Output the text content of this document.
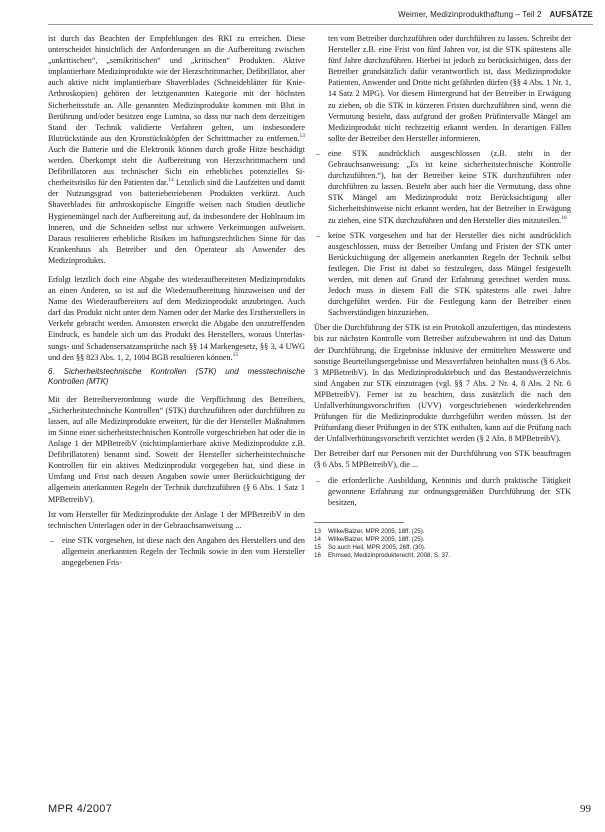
Weimer, Medizinprodukthaftung – Teil 2 AUFSÄTZE

ist durch das Beachten der Empfehlungen des RKI zu erreichen. Diese unterscheidet hinsichtlich der Anforderungen an die Aufbereitung zwischen „unkritischen“, „semikritischen“ und „kritischen“ Produkten. Aktive implantierbare Medizinprodukte wie der Herzschrittmacher, Defibrillator, aber auch aktive nicht implantierbare Shaverblades (Schneideblätter für Knie-Arthroskopien) gehören der letztgenannten Kategorie mit der höchsten Sicherheitsstufe an. Alle genannten Medizinprodukte kommen mit Blut in Berührung und/oder besitzen enge Lumina, so dass nur nach dem derzeitigen Stand der Technik validierte Verfahren gelten, um insbesondere Blutrückstände aus den Kronstücksköpfen der Schrittmacher zu entfernen.$^{13}$ Auch die Batterie und die Elektronik können durch große Hitze beschädigt werden. Überkompt steht die Aufbereitung von Herzschrittmachern und Defibrillatoren aus technischer Sicht ein erhebliches potenzielles Sicherheitsrisiko für den Patienten dar.$^{14}$ Letztlich sind die Laufzeiten und damit der Nutzungsgrad von batteriebetriebenen Produkten verkürzt. Auch Shaverblades für arthroskopische Eingriffe weisen nach Studien deutliche Hygienemängel nach der Aufbereitung auf, da insbesondere der Hohlraum im Inneren, und die Schneiden selbst nur schwere Verkeimungen aufweisen. Daraus resultieren erhebliche Risiken im haftungsrechtlichen Sinne für das Krankenhaus als Betreiber und den Operateur als Anwender des Medizinprodukts.

Erfolgt letztlich doch eine Abgabe des wiederaufbereiteten Medizinprodukts an einen Anderen, so ist auf die Wiederaufbereitung hinzuweisen und der Name des Wiederaufbereiters auf dem Medizinprodukt anzubringen. Auch darf das Produkt nicht unter dem Namen oder der Marke des Erstherstellers in Verkehr gebracht werden. Ansonsten erweckt die Abgabe den unzutreffenden Eindruck, es handele sich um das Produkt des Herstellers, woraus Unterlassungs- und Schadensersatzansprüche nach §§ 14 Markengesetz, §§ 3, 4 UWG und den §§ 823 Abs. 1, 2, 1004 BGB resultieren können.$^{15}$

6. Sicherheitstechnische Kontrollen (STK) und messtechnische Kontrollen (MTK)

Mit der Betreiberverordnung wurde die Verpflichtung des Betreibers, „Sicherheitstechnische Kontrollen“ (STK) durchzuführen oder durchführen zu lassen, auf alle Medizinprodukte erweitert, für die der Hersteller Maßnahmen im Sinne einer sicherheitstechnischen Kontrolle vorgeschrieben hat oder die in Anlage 1 der MPBetreibV (nichtimplantierbare aktive Medizinprodukte z.B. Defibrillatoren) benannt sind. Soweit der Hersteller sicherheitstechnische Kontrollen für ein aktives Medizinprodukt vorgegeben hat, sind diese in Umfang und Frist nach dessen Angaben sowie unter Berücksichtigung der allgemein anerkannten Regeln der Technik durchzuführen (§ 6 Abs. 1 Satz 1 MPBetreibV).

Ist vom Hersteller für Medizinprodukte der Anlage 1 der MPBetreibV in den technischen Unterlagen oder in der Gebrauchsanweisung ...

– eine STK vorgesehen, ist diese nach den Angaben des Herstellers und den allgemein anerkannten Regeln der Technik sowie in den vom Hersteller angegebenen Fris-

ten vom Betreiber durchzuführen oder durchführen zu lassen. Schreibt der Hersteller z.B. eine Frist von fünf Jahren vor, ist die STK spätestens alle fünf Jahre durchzuführen. Hierbei ist jedoch zu berücksichtigen, dass der Betreiber grundsätzlich dafür verantwortlich ist, dass Medizinprodukte Patienten, Anwender und Dritte nicht gefährden dürfen (§§ 4 Abs. 1 Nr. 1, 14 Satz 2 MPG). Vor diesem Hintergrund hat der Betreiber in Erwägung zu ziehen, ob die STK in kürzeren Fristen durchzuführen sind, wenn die Vermutung besteht, dass aufgrund der großen Prüfintervalle Mängel am Medizinprodukt nicht rechtzeitig erkannt werden. In derartigen Fällen sollte der Betreiber den Hersteller informieren.

– eine STK ausdrücklich ausgeschlossen (z.B. steht in der Gebrauchsanweisung: „Es ist keine sicherheitstechnische Kontrolle durchzuführen.“), hat der Betreiber keine STK durchzuführen oder durchführen zu lassen. Besteht aber auch hier die Vermutung, dass ohne STK Mängel am Medizinprodukt trotz Berücksichtigung aller Sicherheitshinweise nicht erkannt werden, hat der Betreiber in Erwägung zu ziehen, eine STK durchzuführen und den Hersteller dies mitzuteilen.$^{16}$
– keine STK vorgesehen und hat der Hersteller dies nicht ausdrücklich ausgeschlossen, muss der Betreiber Umfang und Fristen der STK unter Berücksichtigung der allgemein anerkannten Regeln der Technik selbst festlegen. Die Frist ist dabei so festzulegen, dass Mängel festgestellt werden, mit denen auf Grund der Erfahrung gerechnet werden muss. Jedoch muss in diesem Fall die STK spätestens alle zwei Jahre durchgeführt werden. Für die Festlegung kann der Betreiber einen Sachverständigen hinzuziehen.

Über die Durchführung der STK ist ein Protokoll anzufertigen, das mindestens bis zur nächsten Kontrolle vom Betreiber aufzubewahren ist und das Datum der Durchführung, die Ergebnisse inklusive der ermittelten Messwerte und sonstige Beurteilungsergebnisse und Messverfahren beinhalten muss (§ 6 Abs. 3 MPBetreibV). In das Medizinproduktebuch und das Bestandsverzeichnis sind Angaben zur STK einzutragen (vgl. §§ 7 Abs. 2 Nr. 4, 8 Abs. 2 Nr. 6 MPBetreibV). Ferner ist zu beachten, dass zusätzlich die nach den Unfallverhütungsvorschriften (UVV) vorgeschriebenen wiederkehrenden Prüfungen für die Medizinprodukte durchgeführt werden müssen. Ist der Prüfumfang dieser Prüfungen in der STK enthalten, kann auf die Prüfung nach der Unfallverhütungsvorschrift verzichtet werden (§ 2 Abs. 8 MPBetreibV).

Der Betreiber darf nur Personen mit der Durchführung von STK beauftragen (§ 6 Abs. 5 MPBetreibV), die ...

– die erforderliche Ausbildung, Kenntnis und durch praktische Tätigkeit gewonnene Erfahrung zur ordnungsgemäßen Durchführung der STK besitzen,
13	Wilke/Balzer, MPR 2005, 18ff. (25).
14	Wilke/Balzer, MPR 2005, 18ff. (25).
15	So auch Heil, MPR 2005, 26ff. (30).
16	Ehmsed, Medizinprodukterecht, 2008, S. 37.
MPR 4/2007	99
